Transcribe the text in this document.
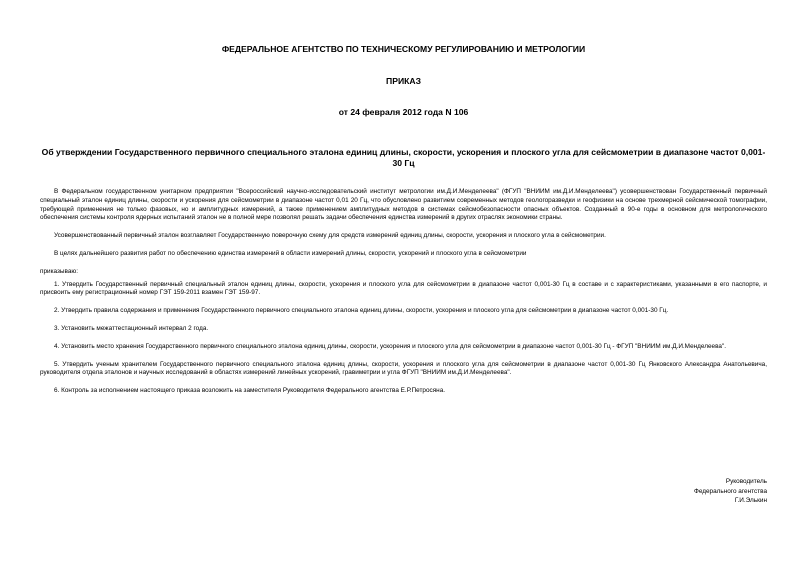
ФЕДЕРАЛЬНОЕ АГЕНТСТВО ПО ТЕХНИЧЕСКОМУ РЕГУЛИРОВАНИЮ И МЕТРОЛОГИИ
ПРИКАЗ
от 24 февраля 2012 года N 106
Об утверждении Государственного первичного специального эталона единиц длины, скорости, ускорения и плоского угла для сейсмометрии в диапазоне частот 0,001-30 Гц

В Федеральном государственном унитарном предприятии "Всероссийский научно-исследовательский институт метрологии им.Д.И.Менделеева" (ФГУП "ВНИИМ им.Д.И.Менделеева") усовершенствован Государственный первичный специальный эталон единиц длины, скорости и ускорения для сейсмометрии в диапазоне частот 0,01 20 Гц, что обусловлено развитием современных методов геологоразведки и геофизики на основе трехмерной сейсмической томографии, требующей применения не только фазовых, но и амплитудных измерений, а также применением амплитудных методов в системах сейсмобезопасности опасных объектов. Созданный в 90-е годы в основном для метрологического обеспечения системы контроля ядерных испытаний эталон не в полной мере позволял решать задачи обеспечения единства измерений в других отраслях экономики страны.

Усовершенствованный первичный эталон возглавляет Государственную поверочную схему для средств измерений единиц длины, скорости, ускорения и плоского угла в сейсмометрии.

В целях дальнейшего развития работ по обеспечению единства измерений в области измерений длины, скорости, ускорений и плоского угла в сейсмометрии

приказываю:

1. Утвердить Государственный первичный специальный эталон единиц длины, скорости, ускорения и плоского угла для сейсмометрии в диапазоне частот 0,001-30 Гц в составе и с характеристиками, указанными в его паспорте, и присвоить ему регистрационный номер ГЭТ 159-2011 взамен ГЭТ 159-97.

2. Утвердить правила содержания и применения Государственного первичного специального эталона единиц длины, скорости, ускорения и плоского угла для сейсмометрии в диапазоне частот 0,001-30 Гц.

3. Установить межаттестационный интервал 2 года.

4. Установить место хранения Государственного первичного специального эталона единиц длины, скорости, ускорения и плоского угла для сейсмометрии в диапазоне частот 0,001-30 Гц - ФГУП "ВНИИМ им.Д.И.Менделеева".

5. Утвердить ученым хранителем Государственного первичного специального эталона единиц длины, скорости, ускорения и плоского угла для сейсмометрии в диапазоне частот 0,001-30 Гц Янковского Александра Анатольевича, руководителя отдела эталонов и научных исследований в областях измерений линейных ускорений, гравиметрии и угла ФГУП "ВНИИМ им.Д.И.Менделеева".

6. Контроль за исполнением настоящего приказа возложить на заместителя Руководителя Федерального агентства Е.Р.Петросяна.

Руководитель
Федерального агентства
Г.И.Элькин
